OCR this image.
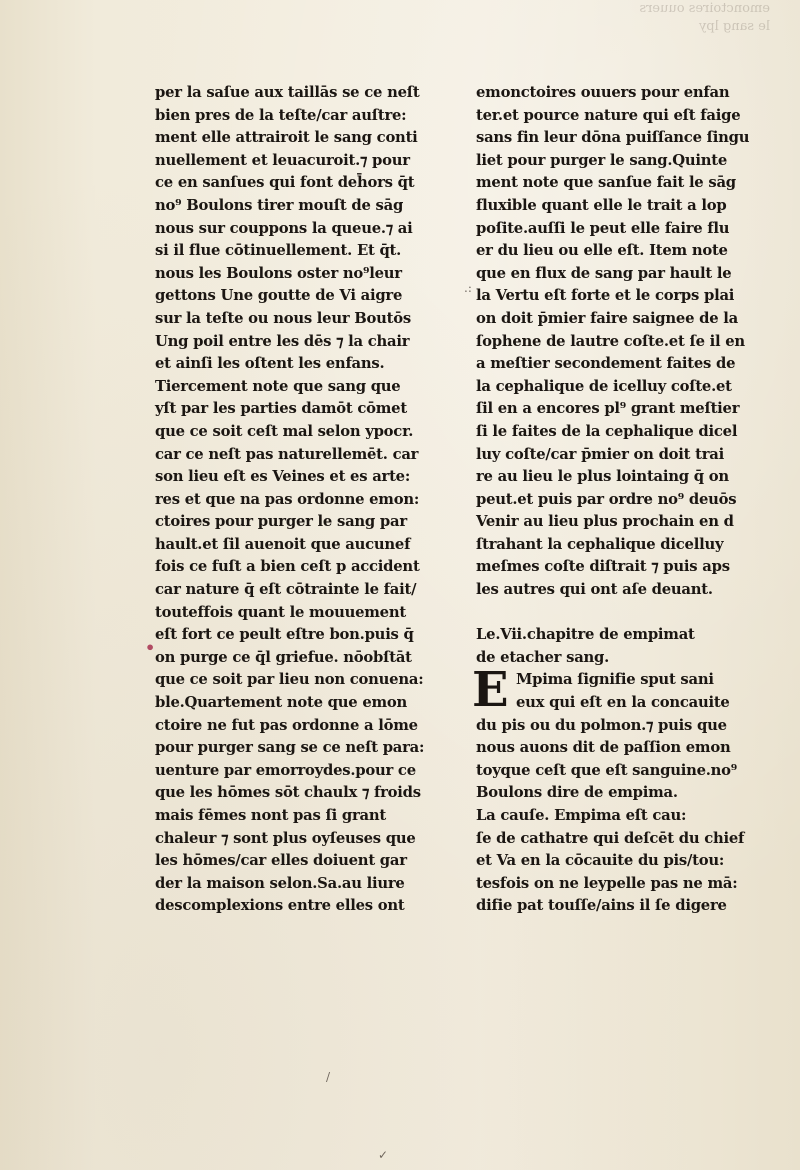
emonctoires ouuers
le sang lpy
per la saſue aux taillās se ce neſt
bien pres de la teſte/car auſtre:
ment elle attrairoit le sang conti
nuellement et leuacuroit.⁊ pour
ce en sanſues qui font deh̄ors q̄t
no⁹ Boulons tirer mouſt de sāg
nous sur couppons la queue.⁊ ai
si il flue cōtinuellement. Et q̄t.
nous les Boulons oster no⁹leur
gettons Une goutte de Vi aigre
sur la teſte ou nous leur Boutōs
Ung poil entre les dēs ⁊ la chair
et ainſi les oſtent les enfans.
Tiercement note que sang que
yſt par les parties damōt cōmet
que ce soit ceſt mal selon ypocr.
car ce neſt pas naturellemēt. car
son lieu eſt es Veines et es arte:
res et que na pas ordonne emon:
ctoires pour purger le sang par
hault.et ſil auenoit que aucunef
fois ce fuſt a bien ceſt p accident
car nature q̄ eſt cōtrainte le fait/
touteffois quant le mouuement
eſt fort ce peult eſtre bon.puis q̄
on purge ce q̄l griefue. nōobſtāt
que ce soit par lieu non conuena:
ble.Quartement note que emon
ctoire ne fut pas ordonne a lōme
pour purger sang se ce neſt para:
uenture par emorroydes.pour ce
que les hōmes sōt chaulx ⁊ froids
mais fēmes nont pas ſi grant
chaleur ⁊ sont plus oyſeuses que
les hōmes/car elles doiuent gar
der la maison selon.Sa.au liure
descomplexions entre elles ont
emonctoires ouuers pour enfan
ter.et pource nature qui eſt faige
sans fin leur dōna puiſſance ſingu
liet pour purger le sang.Quinte
ment note que sanſue fait le sāg
fluxible quant elle le trait a lop
poſite.auſſi le peut elle faire flu
er du lieu ou elle eſt. Item note
que en flux de sang par hault le
la Vertu eſt forte et le corps plai
on doit p̄mier faire saignee de la
ſophene de lautre coſte.et ſe il en
a meſtier secondement faites de
la cephalique de icelluy coſte.et
ſil en a encores pl⁹ grant meſtier
ſi le faites de la cephalique dicel
luy coſte/car p̄mier on doit trai
re au lieu le plus lointaing q̄ on
peut.et puis par ordre no⁹ deuōs
Venir au lieu plus prochain en d
ſtrahant la cephalique dicelluy
meſmes coſte diſtrait ⁊ puis aps
les autres qui ont aſe deuant.
Le.Vii.chapitre de empimat
de etacher sang.
E Mpima ſignifie sput sani
eux qui eſt en la concauite
du pis ou du polmon.⁊ puis que
nous auons dit de paſſion emon
toyque ceſt que eſt sanguine.no⁹
Boulons dire de empima.
La cauſe. Empima eſt cau:
ſe de cathatre qui deſcēt du chief
et Va en la cōcauite du pis/tou:
tesfois on ne leypelle pas ne mā:
difie pat touſſe/ains il ſe digere
•
/
✓
.:
